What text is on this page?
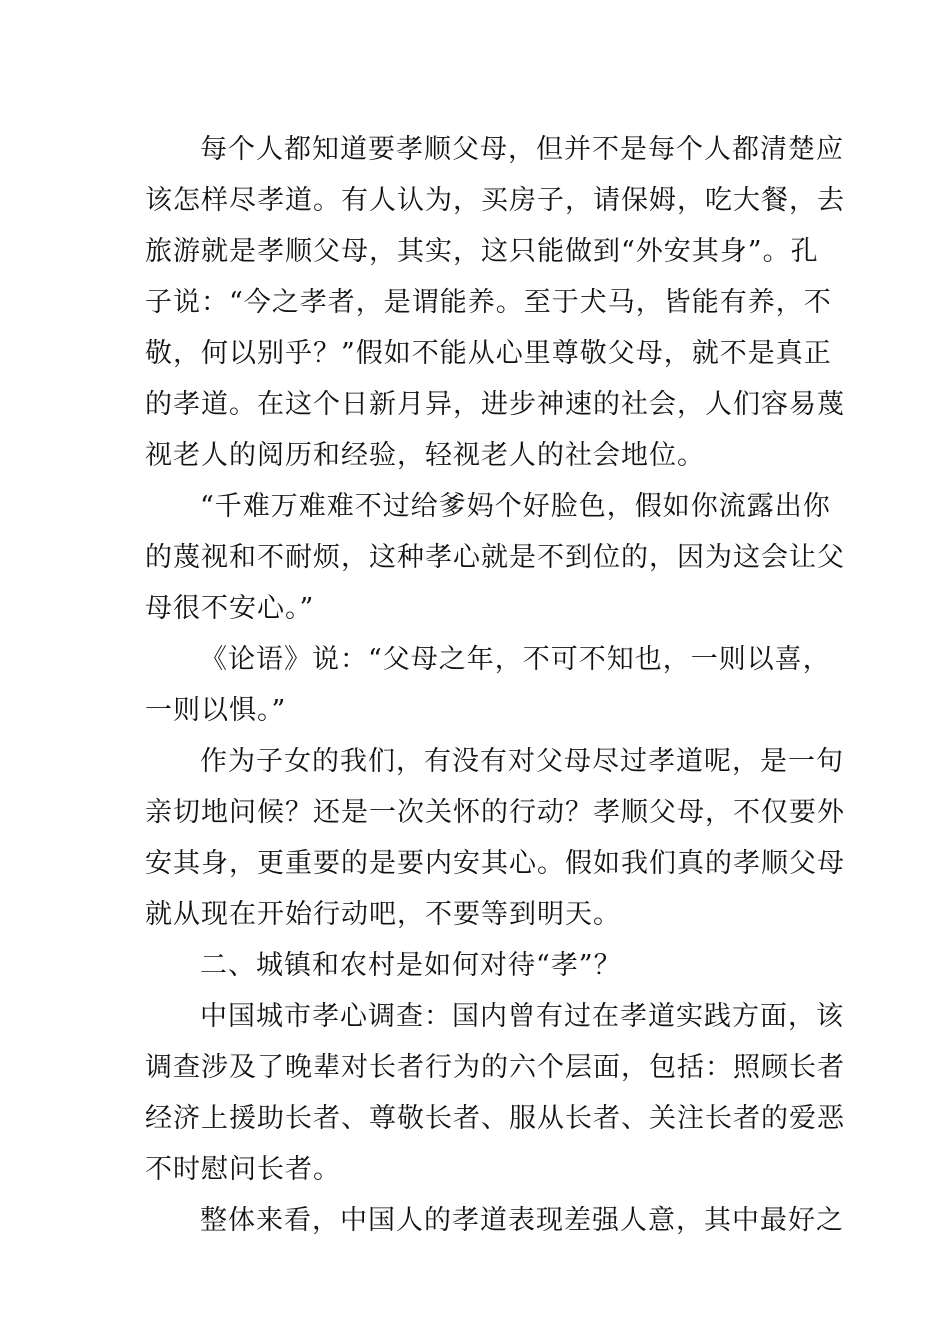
每个人都知道要孝顺父母，但并不是每个人都清楚应
该怎样尽孝道。有人认为，买房子，请保姆，吃大餐，去
旅游就是孝顺父母，其实，这只能做到“外安其身”。孔
子说：“今之孝者，是谓能养。至于犬马，皆能有养，不
敬，何以别乎？”假如不能从心里尊敬父母，就不是真正
的孝道。在这个日新月异，进步神速的社会，人们容易蔑
视老人的阅历和经验，轻视老人的社会地位。
“千难万难难不过给爹妈个好脸色，假如你流露出你
的蔑视和不耐烦，这种孝心就是不到位的，因为这会让父
母很不安心。”
《论语》说：“父母之年，不可不知也，一则以喜，
一则以惧。”
作为子女的我们，有没有对父母尽过孝道呢，是一句
亲切地问候？还是一次关怀的行动？孝顺父母，不仅要外
安其身，更重要的是要内安其心。假如我们真的孝顺父母
就从现在开始行动吧，不要等到明天。
二、城镇和农村是如何对待“孝”？
中国城市孝心调查：国内曾有过在孝道实践方面，该
调查涉及了晚辈对长者行为的六个层面，包括：照顾长者
经济上援助长者、尊敬长者、服从长者、关注长者的爱恶
不时慰问长者。
整体来看，中国人的孝道表现差强人意，其中最好之
